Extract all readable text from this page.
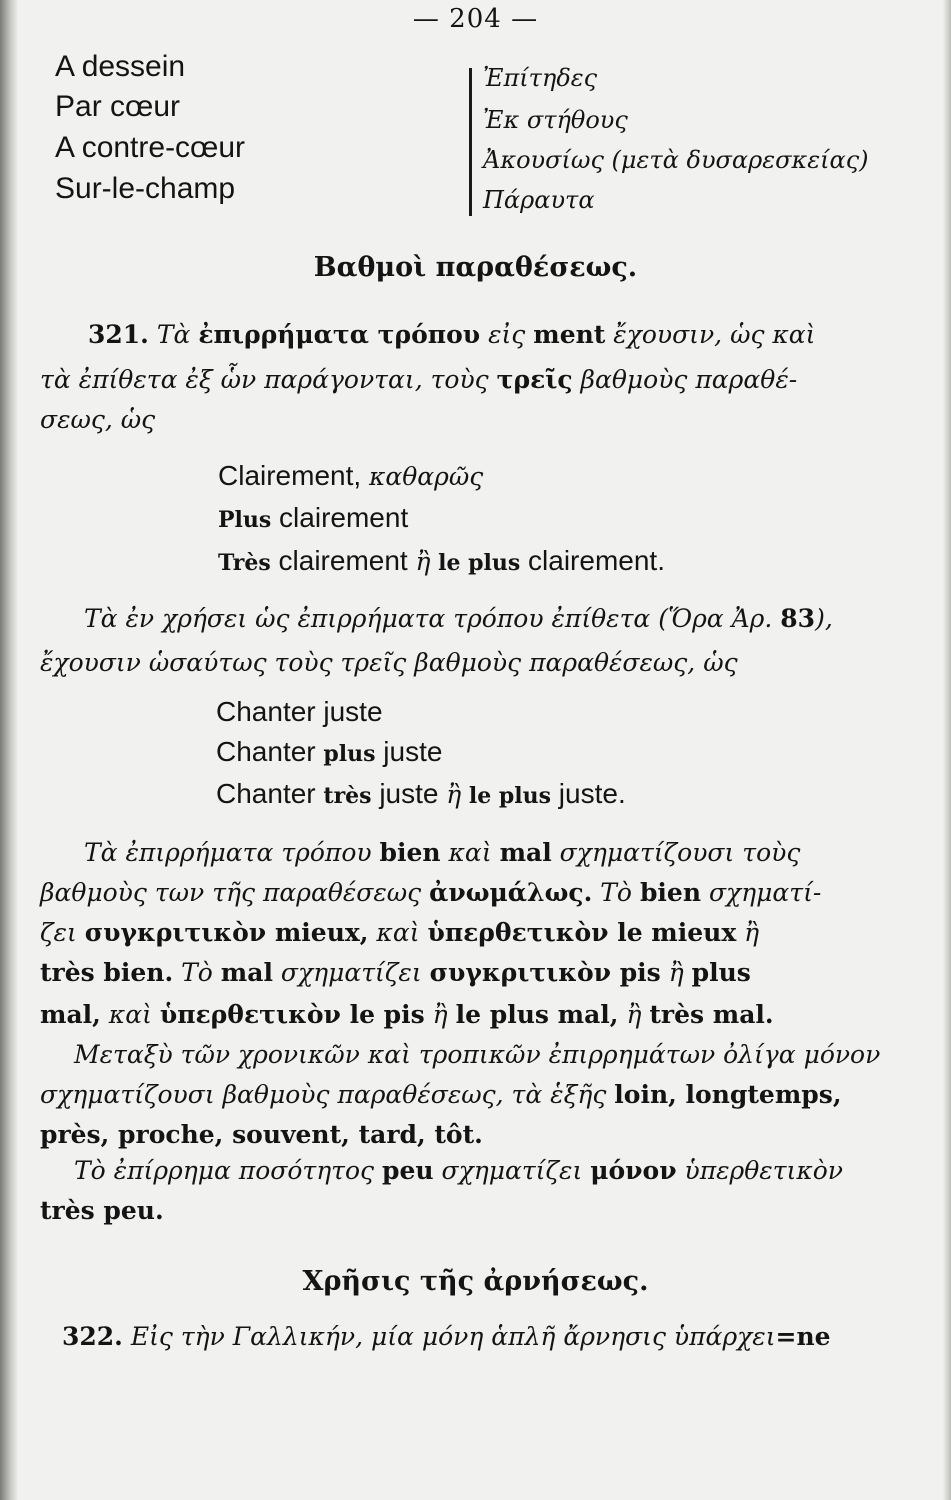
— 204 —
A dessein
Par cœur
A contre-cœur
Sur-le-champ
Ἐπίτηδες
Ἐκ στήθους
Ἀκουσίως (μετὰ δυσαρεσκείας)
Πάραυτα
Βαθμοὶ παραθέσεως.
321. Τὰ ἐπιρρήματα τρόπου εἰς ment ἔχουσιν, ὡς καὶ
τὰ ἐπίθετα ἐξ ὧν παράγονται, τοὺς τρεῖς βαθμοὺς παραθέ-
σεως, ὡς
Clairement, καθαρῶς
Plus clairement
Très clairement ἢ le plus clairement.
Τὰ ἐν χρήσει ὡς ἐπιρρήματα τρόπου ἐπίθετα (Ὅρα Ἀρ. 83),
ἔχουσιν ὡσαύτως τοὺς τρεῖς βαθμοὺς παραθέσεως, ὡς
Chanter juste
Chanter plus juste
Chanter très juste ἢ le plus juste.
Τὰ ἐπιρρήματα τρόπου bien καὶ mal σχηματίζουσι τοὺς
βαθμοὺς των τῆς παραθέσεως ἀνωμάλως. Τὸ bien σχηματί-
ζει συγκριτικὸν mieux, καὶ ὑπερθετικὸν le mieux ἢ
très bien. Τὸ mal σχηματίζει συγκριτικὸν pis ἢ plus
mal, καὶ ὑπερθετικὸν le pis ἢ le plus mal, ἢ très mal.
Μεταξὺ τῶν χρονικῶν καὶ τροπικῶν ἐπιρρημάτων ὀλίγα μόνον
σχηματίζουσι βαθμοὺς παραθέσεως, τὰ ἑξῆς loin, longtemps,
près, proche, souvent, tard, tôt.
Τὸ ἐπίρρημα ποσότητος peu σχηματίζει μόνον ὑπερθετικὸν
très peu.
Χρῆσις τῆς ἀρνήσεως.
322. Εἰς τὴν Γαλλικήν, μία μόνη ἁπλῆ ἄρνησις ὑπάρχει=ne
